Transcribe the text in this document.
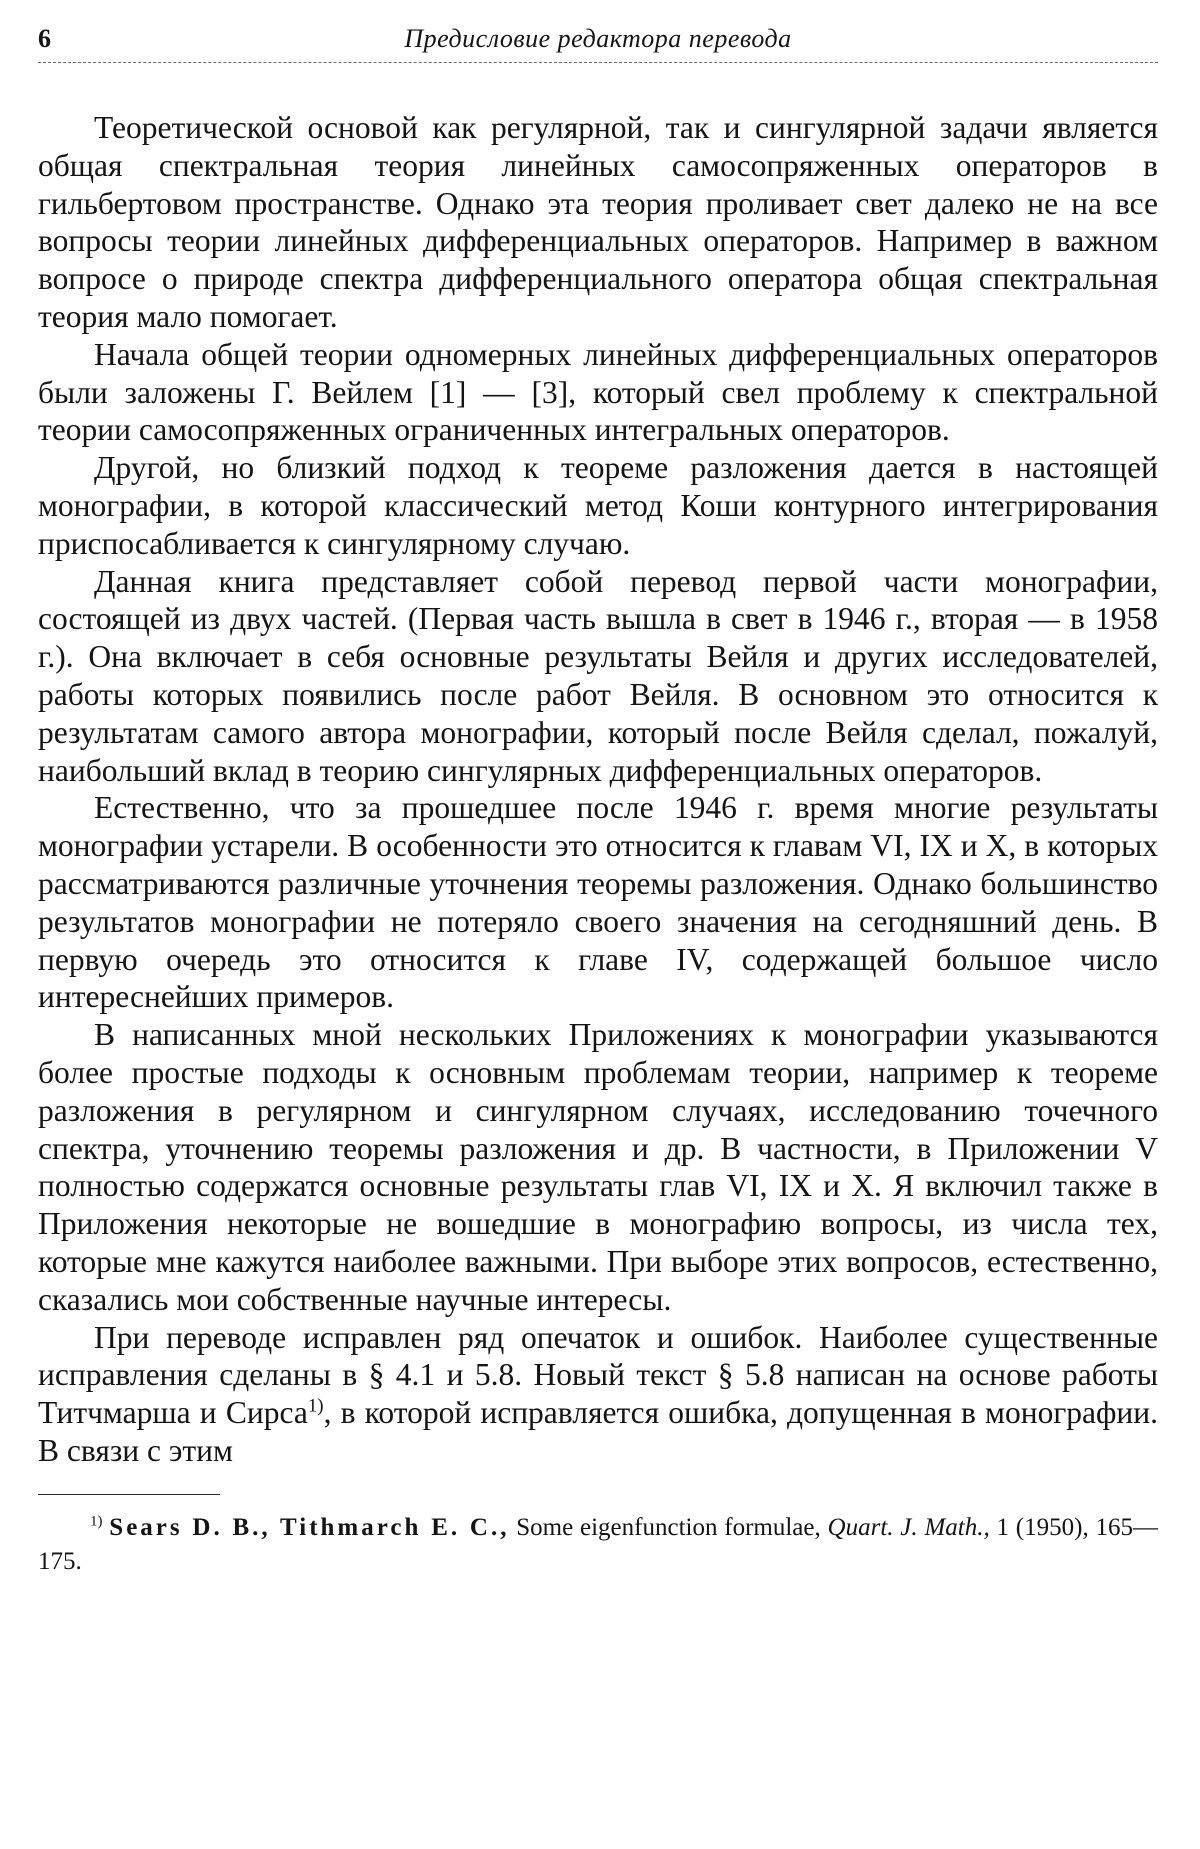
6	Предисловие редактора перевода

Теоретической основой как регулярной, так и сингулярной задачи является общая спектральная теория линейных самосопряженных операторов в гильбертовом пространстве. Однако эта теория проливает свет далеко не на все вопросы теории линейных дифференциальных операторов. Например в важном вопросе о природе спектра дифференциального оператора общая спектральная теория мало помогает.

Начала общей теории одномерных линейных дифференциальных операторов были заложены Г. Вейлем [1] — [3], который свел проблему к спектральной теории самосопряженных ограниченных интегральных операторов.

Другой, но близкий подход к теореме разложения дается в настоящей монографии, в которой классический метод Коши контурного интегрирования приспосабливается к сингулярному случаю.

Данная книга представляет собой перевод первой части монографии, состоящей из двух частей. (Первая часть вышла в свет в 1946 г., вторая — в 1958 г.). Она включает в себя основные результаты Вейля и других исследователей, работы которых появились после работ Вейля. В основном это относится к результатам самого автора монографии, который после Вейля сделал, пожалуй, наибольший вклад в теорию сингулярных дифференциальных операторов.

Естественно, что за прошедшее после 1946 г. время многие результаты монографии устарели. В особенности это относится к главам VI, IX и X, в которых рассматриваются различные уточнения теоремы разложения. Однако большинство результатов монографии не потеряло своего значения на сегодняшний день. В первую очередь это относится к главе IV, содержащей большое число интереснейших примеров.

В написанных мной нескольких Приложениях к монографии указываются более простые подходы к основным проблемам теории, например к теореме разложения в регулярном и сингулярном случаях, исследованию точечного спектра, уточнению теоремы разложения и др. В частности, в Приложении V полностью содержатся основные результаты глав VI, IX и X. Я включил также в Приложения некоторые не вошедшие в монографию вопросы, из числа тех, которые мне кажутся наиболее важными. При выборе этих вопросов, естественно, сказались мои собственные научные интересы.

При переводе исправлен ряд опечаток и ошибок. Наиболее существенные исправления сделаны в § 4.1 и 5.8. Новый текст § 5.8 написан на основе работы Титчмарша и Сирса$^{1)}$, в которой исправляется ошибка, допущенная в монографии. В связи с этим

$^{1)}$ Sears D. B., Tithmarch E. C., Some eigenfunction formulae, Quart. J. Math., 1 (1950), 165—175.
